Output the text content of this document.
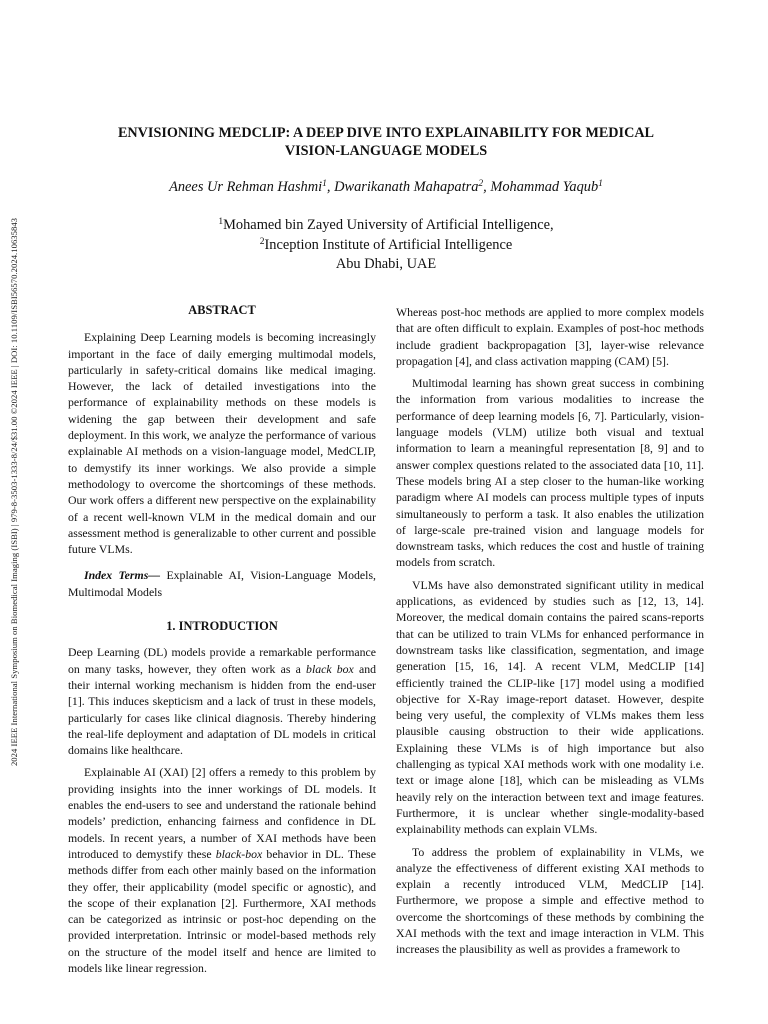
2024 IEEE International Symposium on Biomedical Imaging (ISBI) | 979-8-3503-1333-8/24/$31.00 ©2024 IEEE | DOI: 10.1109/ISBI56570.2024.10635843
ENVISIONING MEDCLIP: A DEEP DIVE INTO EXPLAINABILITY FOR MEDICAL
VISION-LANGUAGE MODELS
Anees Ur Rehman Hashmi$^1$, Dwarikanath Mahapatra$^2$, Mohammad Yaqub$^1$
$^1$Mohamed bin Zayed University of Artificial Intelligence,
$^2$Inception Institute of Artificial Intelligence
Abu Dhabi, UAE
ABSTRACT

Explaining Deep Learning models is becoming increasingly important in the face of daily emerging multimodal models, particularly in safety-critical domains like medical imaging. However, the lack of detailed investigations into the performance of explainability methods on these models is widening the gap between their development and safe deployment. In this work, we analyze the performance of various explainable AI methods on a vision-language model, MedCLIP, to demystify its inner workings. We also provide a simple methodology to overcome the shortcomings of these methods. Our work offers a different new perspective on the explainability of a recent well-known VLM in the medical domain and our assessment method is generalizable to other current and possible future VLMs.

Index Terms— Explainable AI, Vision-Language Models, Multimodal Models

1. INTRODUCTION

Deep Learning (DL) models provide a remarkable performance on many tasks, however, they often work as a black box and their internal working mechanism is hidden from the end-user [1]. This induces skepticism and a lack of trust in these models, particularly for cases like clinical diagnosis. Thereby hindering the real-life deployment and adaptation of DL models in critical domains like healthcare.

Explainable AI (XAI) [2] offers a remedy to this problem by providing insights into the inner workings of DL models. It enables the end-users to see and understand the rationale behind models’ prediction, enhancing fairness and confidence in DL models. In recent years, a number of XAI methods have been introduced to demystify these black-box behavior in DL. These methods differ from each other mainly based on the information they offer, their applicability (model specific or agnostic), and the scope of their explanation [2]. Furthermore, XAI methods can be categorized as intrinsic or post-hoc depending on the provided interpretation. Intrinsic or model-based methods rely on the structure of the model itself and hence are limited to models like linear regression.

Whereas post-hoc methods are applied to more complex models that are often difficult to explain. Examples of post-hoc methods include gradient backpropagation [3], layer-wise relevance propagation [4], and class activation mapping (CAM) [5].

Multimodal learning has shown great success in combining the information from various modalities to increase the performance of deep learning models [6, 7]. Particularly, vision-language models (VLM) utilize both visual and textual information to learn a meaningful representation [8, 9] and to answer complex questions related to the associated data [10, 11]. These models bring AI a step closer to the human-like working paradigm where AI models can process multiple types of inputs simultaneously to perform a task. It also enables the utilization of large-scale pre-trained vision and language models for downstream tasks, which reduces the cost and hustle of training models from scratch.

VLMs have also demonstrated significant utility in medical applications, as evidenced by studies such as [12, 13, 14]. Moreover, the medical domain contains the paired scans-reports that can be utilized to train VLMs for enhanced performance in downstream tasks like classification, segmentation, and image generation [15, 16, 14]. A recent VLM, MedCLIP [14] efficiently trained the CLIP-like [17] model using a modified objective for X-Ray image-report dataset. However, despite being very useful, the complexity of VLMs makes them less plausible causing obstruction to their wide applications. Explaining these VLMs is of high importance but also challenging as typical XAI methods work with one modality i.e. text or image alone [18], which can be misleading as VLMs heavily rely on the interaction between text and image features. Furthermore, it is unclear whether single-modality-based explainability methods can explain VLMs.

To address the problem of explainability in VLMs, we analyze the effectiveness of different existing XAI methods to explain a recently introduced VLM, MedCLIP [14]. Furthermore, we propose a simple and effective method to overcome the shortcomings of these methods by combining the XAI methods with the text and image interaction in VLM. This increases the plausibility as well as provides a framework to
